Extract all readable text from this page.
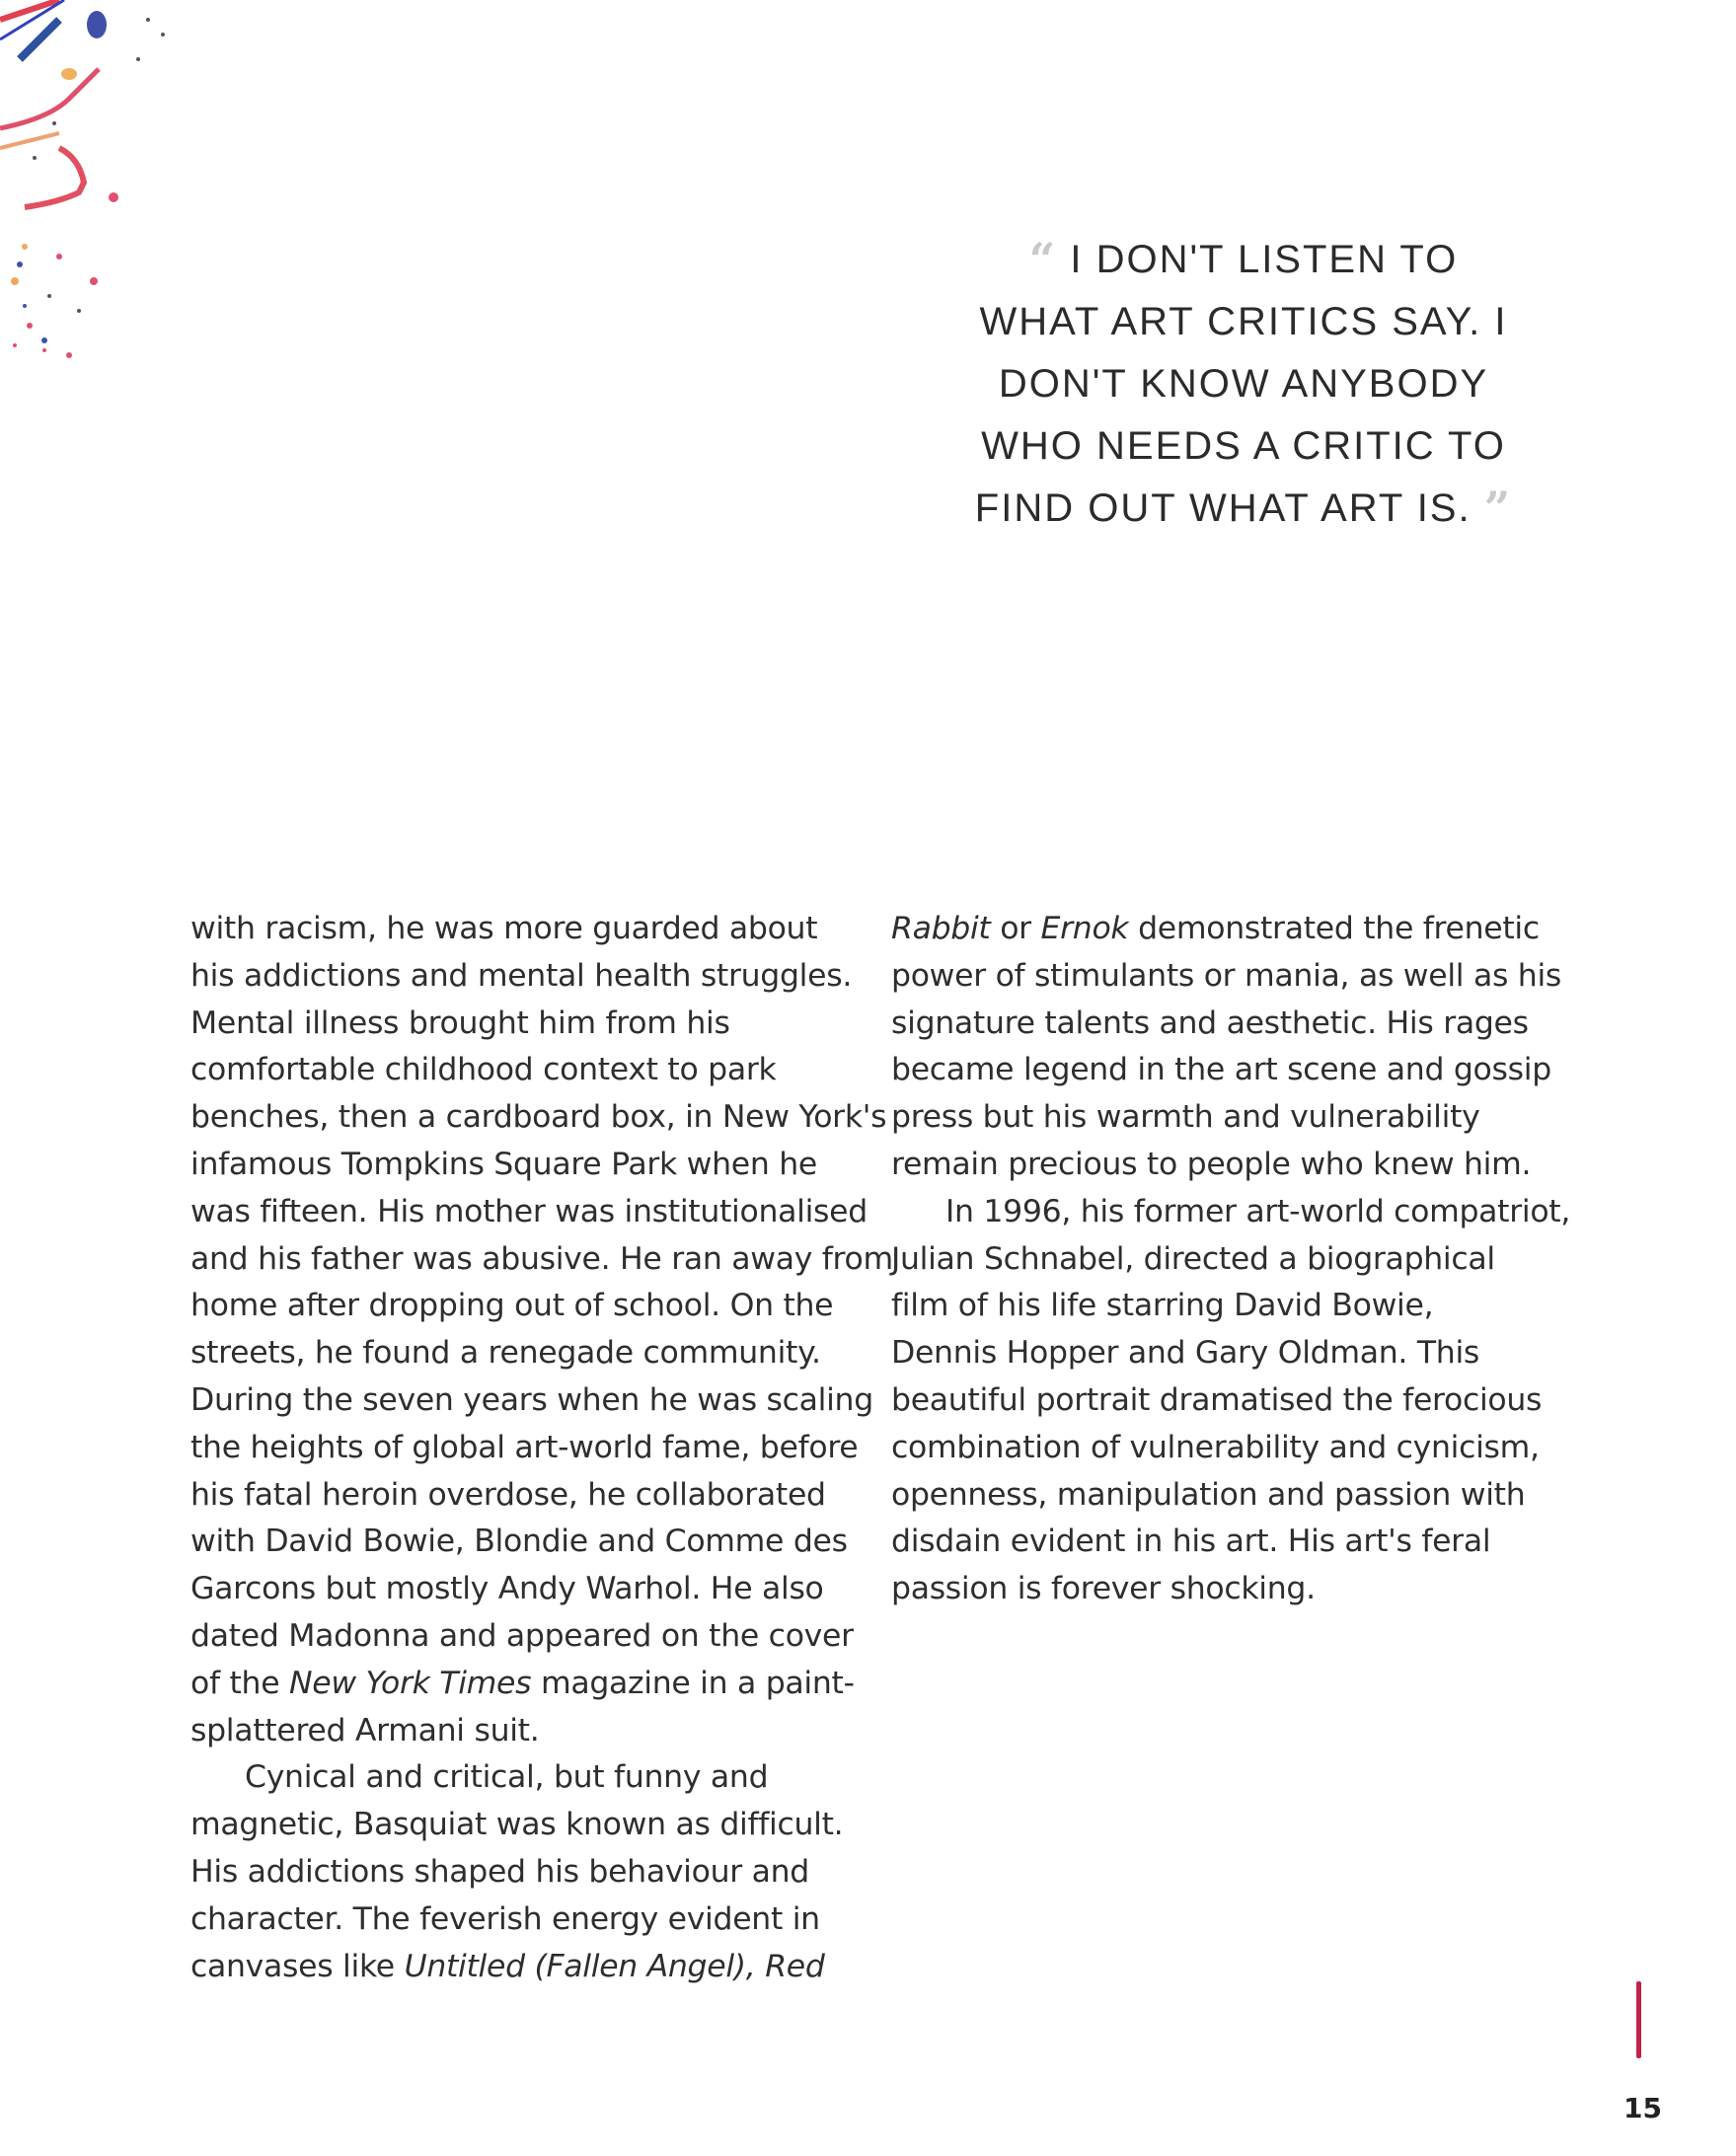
“ I DON'T LISTEN TO
WHAT ART CRITICS SAY. I
DON'T KNOW ANYBODY
WHO NEEDS A CRITIC TO
FIND OUT WHAT ART IS. ”
with racism, he was more guarded about
his addictions and mental health struggles.
Mental illness brought him from his
comfortable childhood context to park
benches, then a cardboard box, in New York's
infamous Tompkins Square Park when he
was fifteen. His mother was institutionalised
and his father was abusive. He ran away from
home after dropping out of school. On the
streets, he found a renegade community.
During the seven years when he was scaling
the heights of global art-world fame, before
his fatal heroin overdose, he collaborated
with David Bowie, Blondie and Comme des
Garcons but mostly Andy Warhol. He also
dated Madonna and appeared on the cover
of the New York Times magazine in a paint-
splattered Armani suit.
Cynical and critical, but funny and
magnetic, Basquiat was known as difficult.
His addictions shaped his behaviour and
character. The feverish energy evident in
canvases like Untitled (Fallen Angel), Red
Rabbit or Ernok demonstrated the frenetic
power of stimulants or mania, as well as his
signature talents and aesthetic. His rages
became legend in the art scene and gossip
press but his warmth and vulnerability
remain precious to people who knew him.
In 1996, his former art-world compatriot,
Julian Schnabel, directed a biographical
film of his life starring David Bowie,
Dennis Hopper and Gary Oldman. This
beautiful portrait dramatised the ferocious
combination of vulnerability and cynicism,
openness, manipulation and passion with
disdain evident in his art. His art's feral
passion is forever shocking.
15
